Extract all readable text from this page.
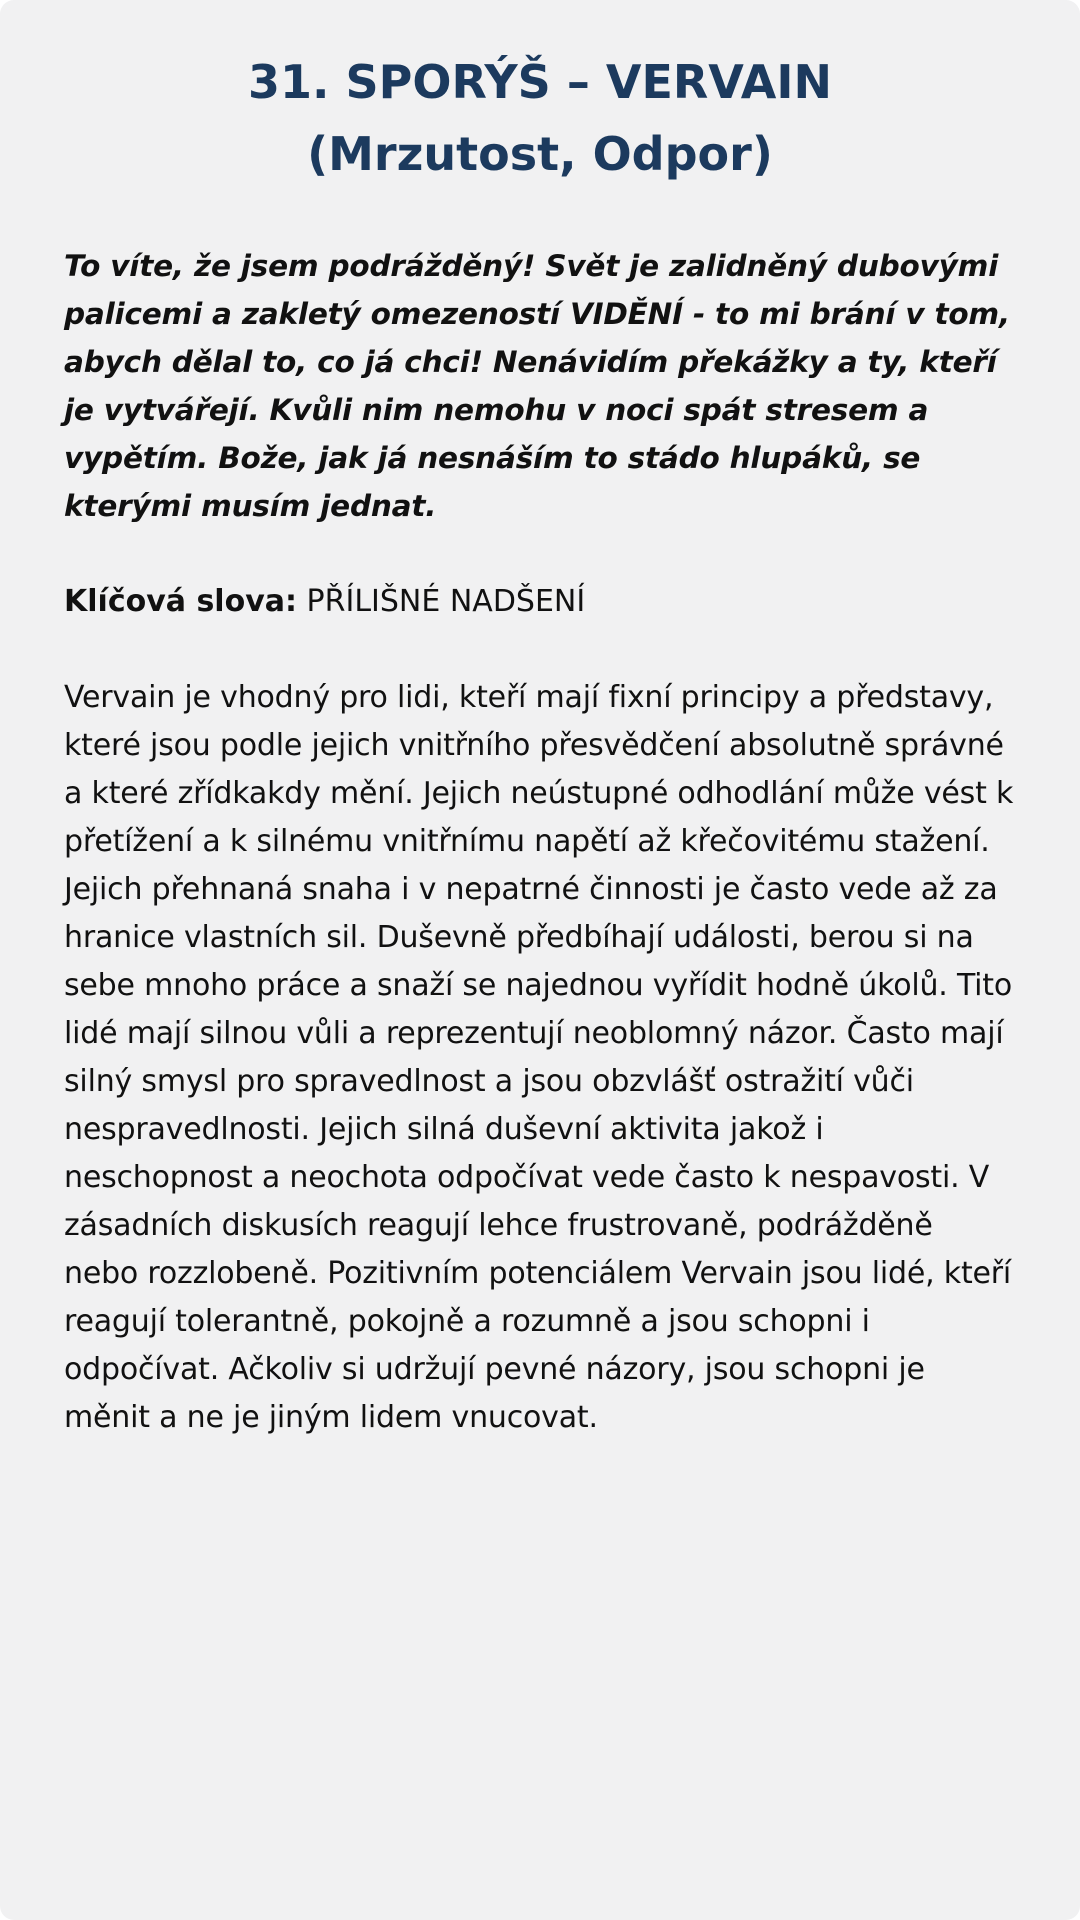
31. SPORÝŠ – VERVAIN
(Mrzutost, Odpor)

To víte, že jsem podrážděný! Svět je zalidněný dubovými palicemi a zakletý omezeností VIDĚNÍ - to mi brání v tom, abych dělal to, co já chci! Nenávidím překážky a ty, kteří je vytvářejí. Kvůli nim nemohu v noci spát stresem a vypětím. Bože, jak já nesnáším to stádo hlupáků, se kterými musím jednat.

Klíčová slova: PŘÍLIŠNÉ NADŠENÍ

Vervain je vhodný pro lidi, kteří mají fixní principy a představy, které jsou podle jejich vnitřního přesvědčení absolutně správné a které zřídkakdy mění. Jejich neústupné odhodlání může vést k přetížení a k silnému vnitřnímu napětí až křečovitému stažení. Jejich přehnaná snaha i v nepatrné činnosti je často vede až za hranice vlastních sil. Duševně předbíhají události, berou si na sebe mnoho práce a snaží se najednou vyřídit hodně úkolů. Tito lidé mají silnou vůli a reprezentují neoblomný názor. Často mají silný smysl pro spravedlnost a jsou obzvlášť ostražití vůči nespravedlnosti. Jejich silná duševní aktivita jakož i neschopnost a neochota odpočívat vede často k nespavosti. V zásadních diskusích reagují lehce frustrovaně, podrážděně nebo rozzlobeně. Pozitivním potenciálem Vervain jsou lidé, kteří reagují tolerantně, pokojně a rozumně a jsou schopni i odpočívat. Ačkoliv si udržují pevné názory, jsou schopni je měnit a ne je jiným lidem vnucovat.
